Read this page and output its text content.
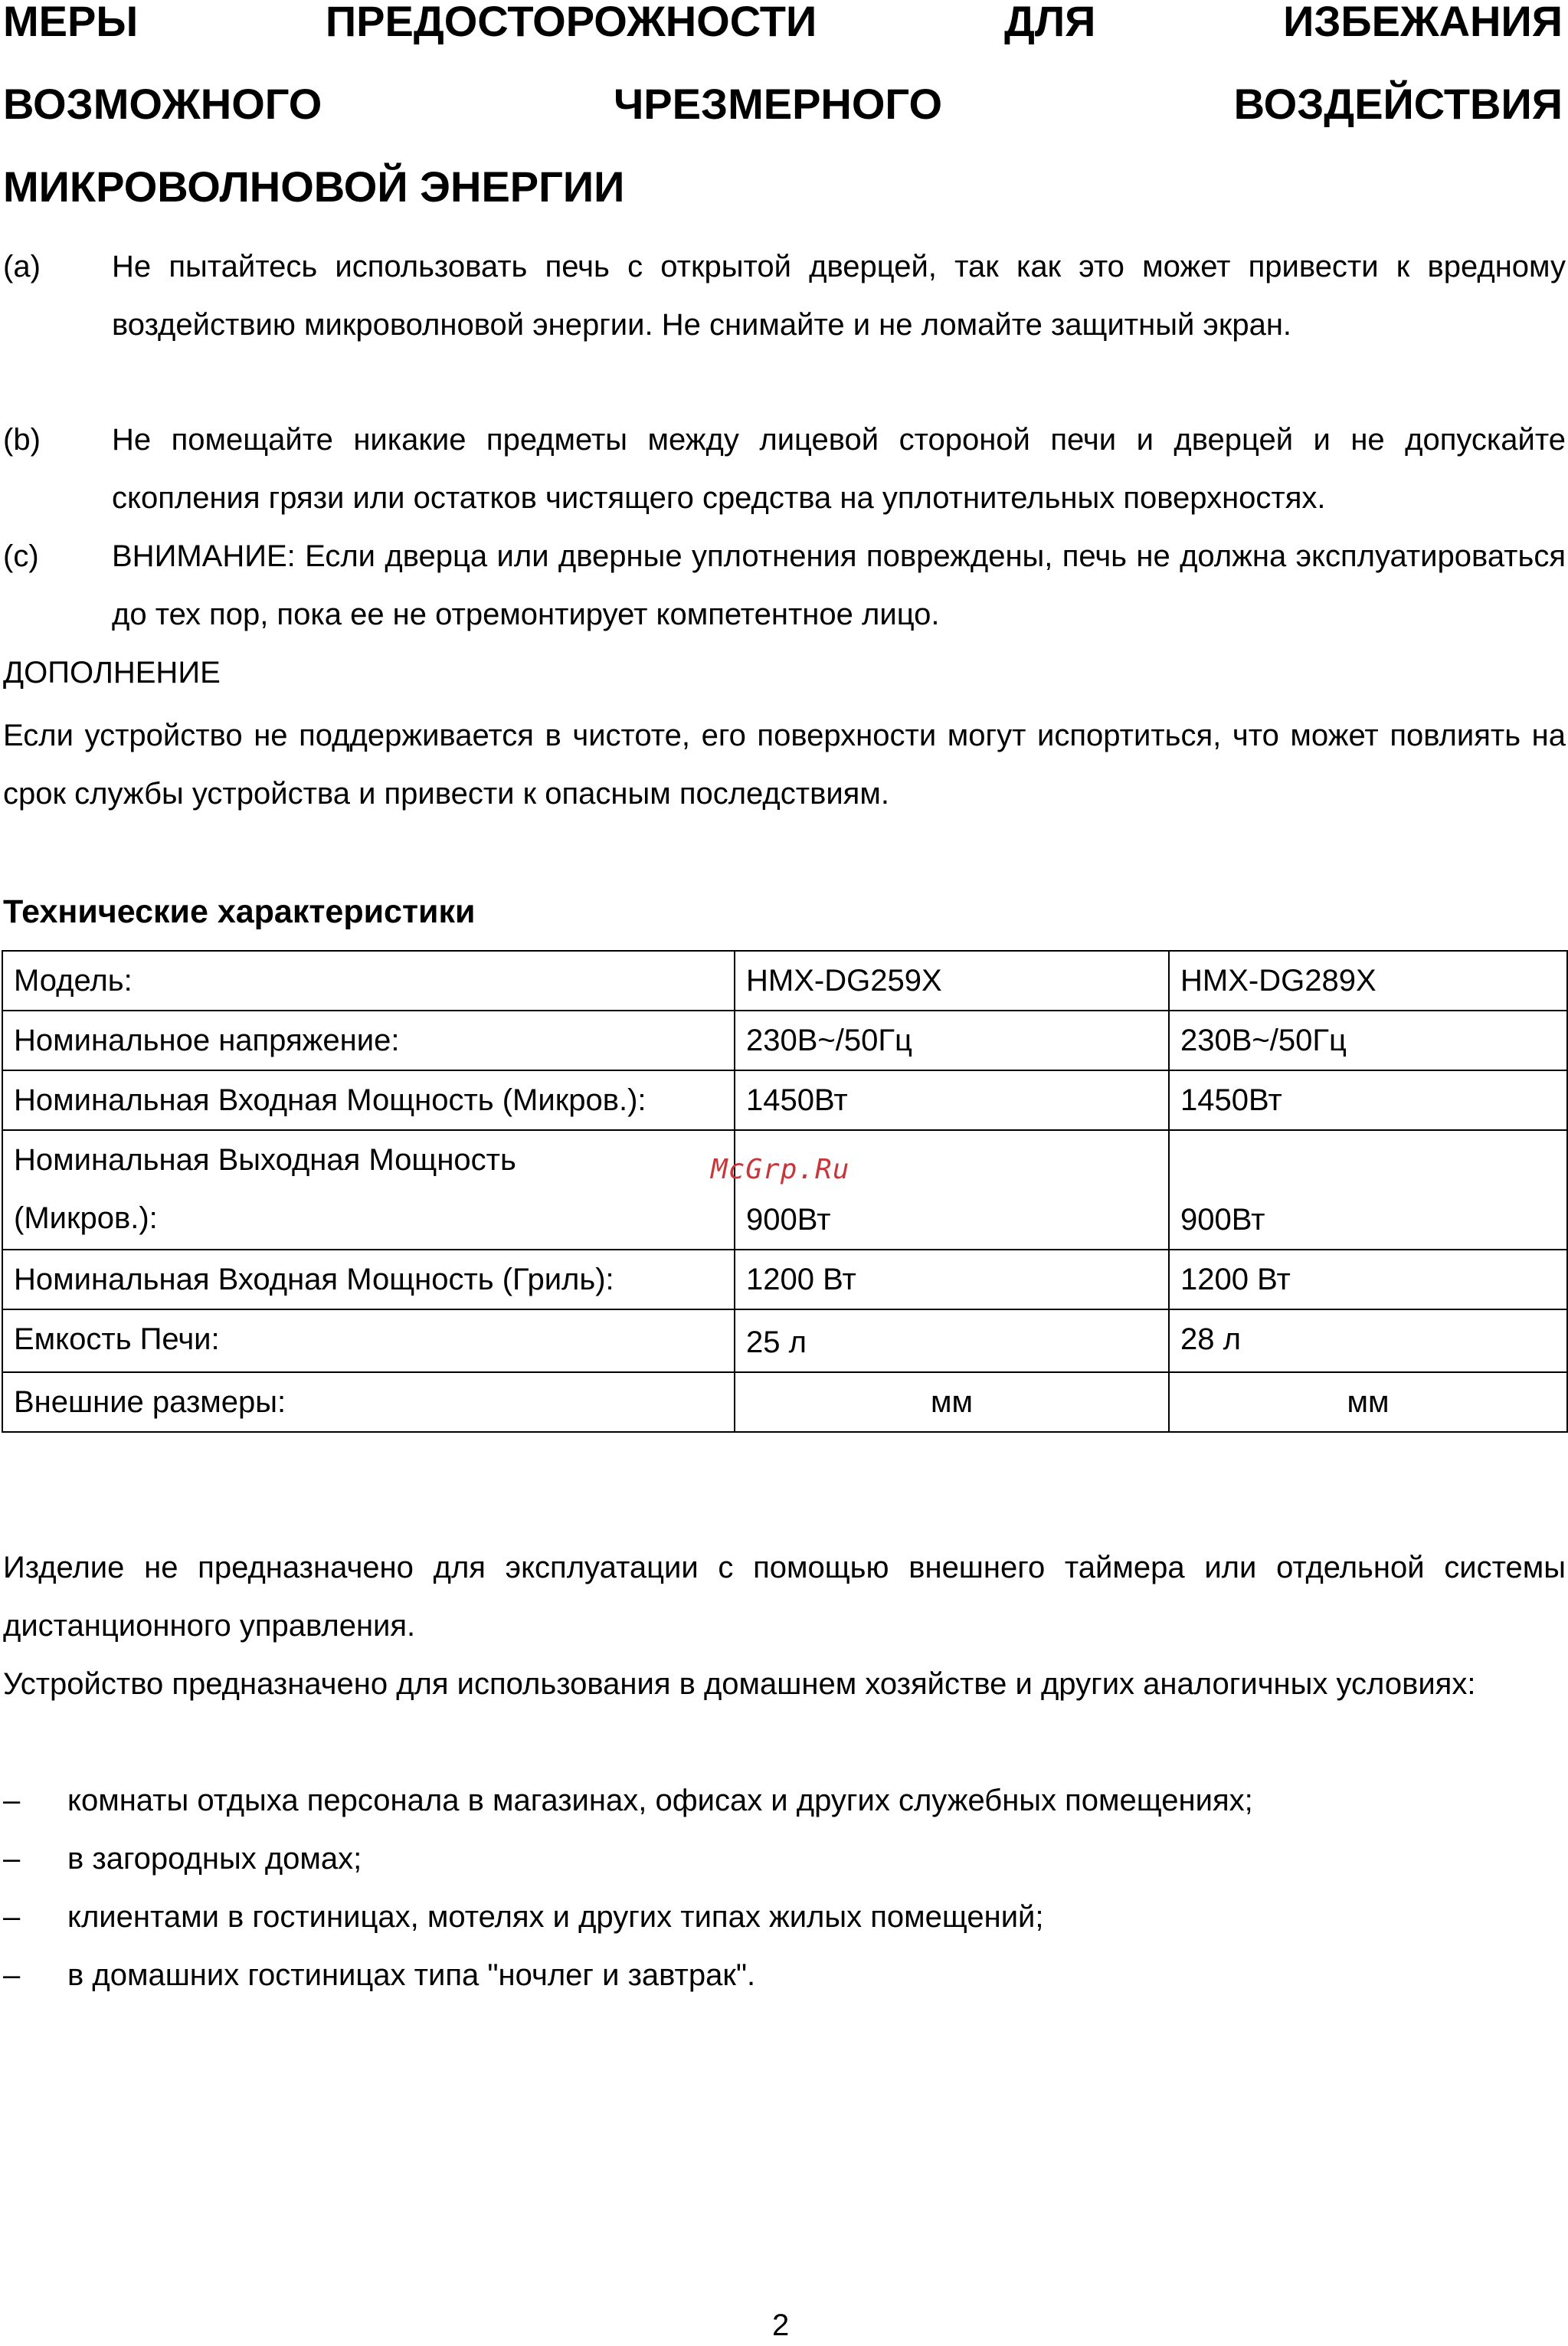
МЕРЫ ПРЕДОСТОРОЖНОСТИ ДЛЯ ИЗБЕЖАНИЯ
ВОЗМОЖНОГО ЧРЕЗМЕРНОГО ВОЗДЕЙСТВИЯ
МИКРОВОЛНОВОЙ ЭНЕРГИИ
(a) Не пытайтесь использовать печь с открытой дверцей, так как это может привести к вредному воздействию микроволновой энергии. Не снимайте и не ломайте защитный экран.

(b) Не помещайте никакие предметы между лицевой стороной печи и дверцей и не допускайте скопления грязи или остатков чистящего средства на уплотнительных поверхностях.

(c) ВНИМАНИЕ: Если дверца или дверные уплотнения повреждены, печь не должна эксплуатироваться до тех пор, пока ее не отремонтирует компетентное лицо.

ДОПОЛНЕНИЕ

Если устройство не поддерживается в чистоте, его поверхности могут испортиться, что может повлиять на срок службы устройства и привести к опасным последствиям.

Технические характеристики

Модель:	HMX-DG259X	HMX-DG289X
Номинальное напряжение:	230В~/50Гц	230В~/50Гц
Номинальная Входная Мощность (Микров.):	1450Вт	1450Вт

Номинальная Выходная Мощность
(Микров.):	900Вт	900Вт
Номинальная Входная Мощность (Гриль):	1200 Вт	1200 Вт
Емкость Печи:	25 л	28 л
Внешние размеры:	мм	мм
McGrp.Ru

Изделие не предназначено для эксплуатации с помощью внешнего таймера или отдельной системы дистанционного управления.

Устройство предназначено для использования в домашнем хозяйстве и других аналогичных условиях:

– комнаты отдыха персонала в магазинах, офисах и других служебных помещениях;

– в загородных домах;

– клиентами в гостиницах, мотелях и других типах жилых помещений;

– в домашних гостиницах типа "ночлег и завтрак".

2
